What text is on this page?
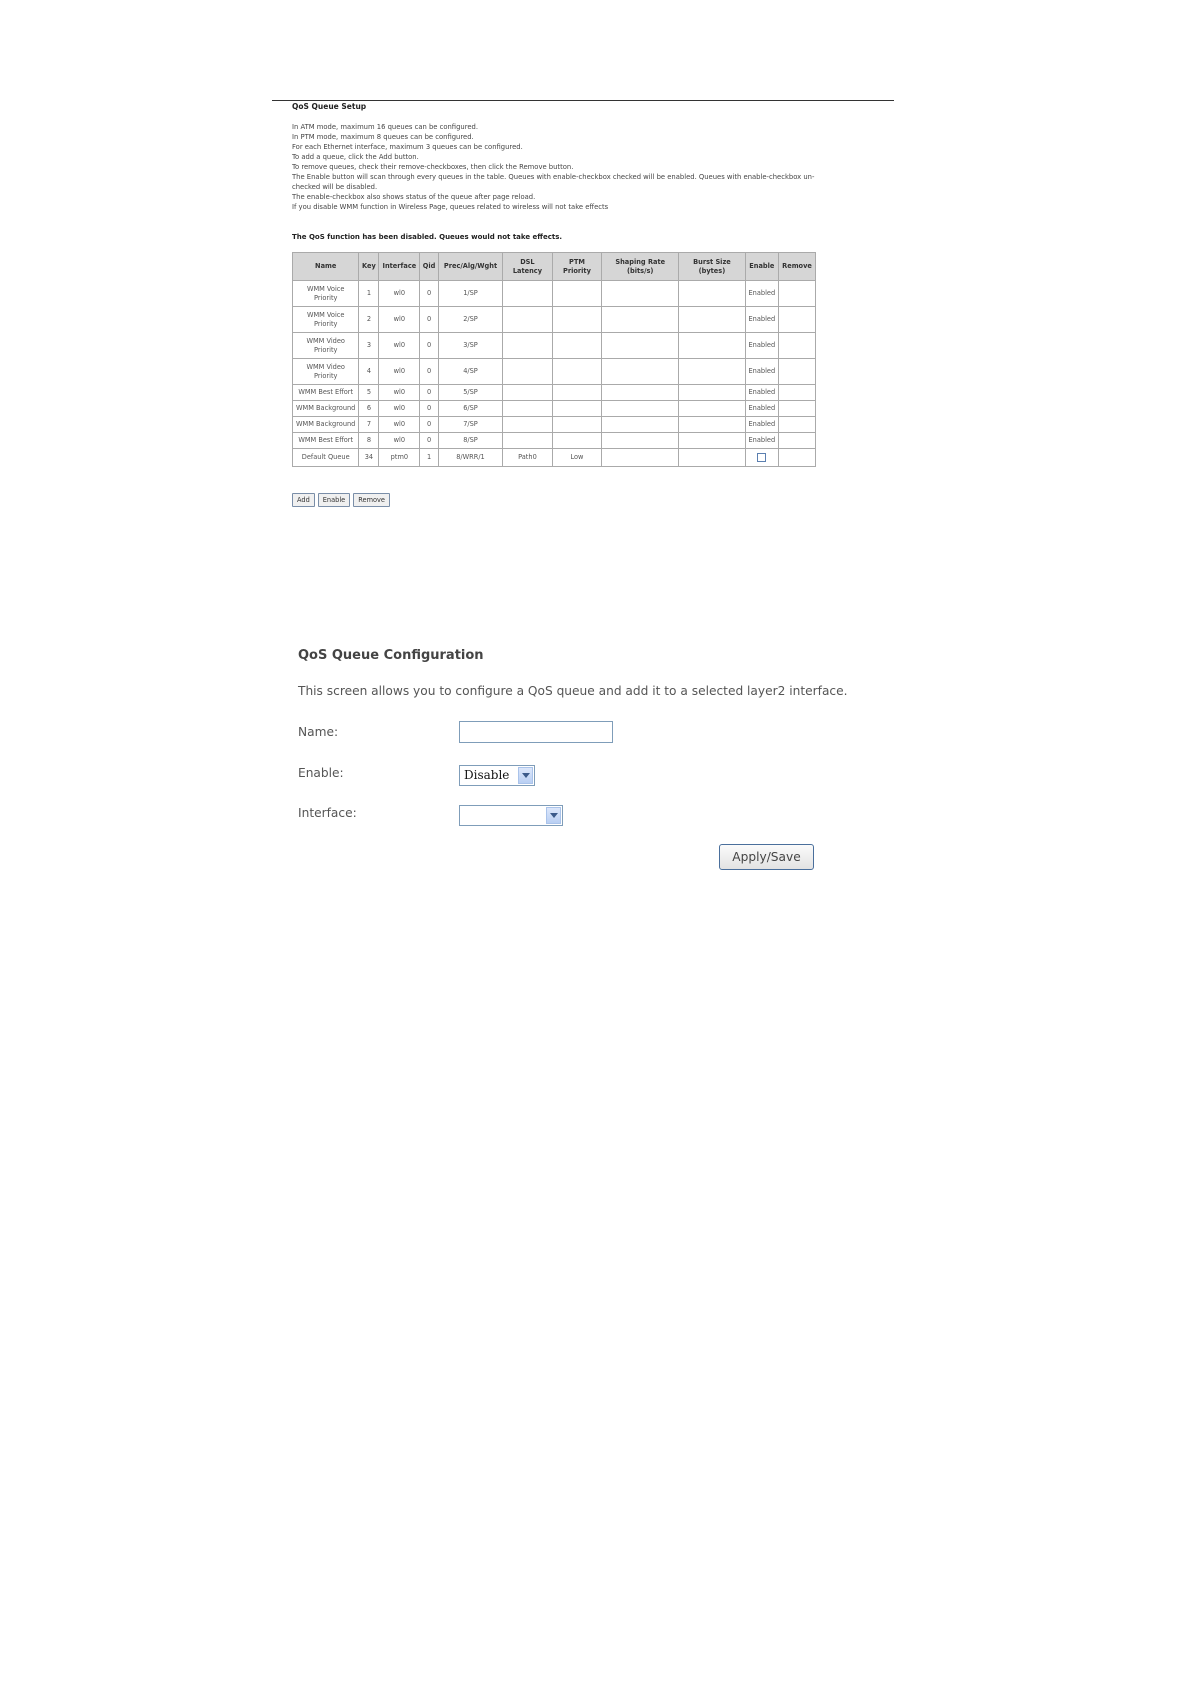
QoS Queue Setup

In ATM mode, maximum 16 queues can be configured.

In PTM mode, maximum 8 queues can be configured.

For each Ethernet interface, maximum 3 queues can be configured.

To add a queue, click the Add button.

To remove queues, check their remove-checkboxes, then click the Remove button.

The Enable button will scan through every queues in the table. Queues with enable-checkbox checked will be enabled. Queues with enable-checkbox un-checked will be disabled.

The enable-checkbox also shows status of the queue after page reload.

If you disable WMM function in Wireless Page, queues related to wireless will not take effects

The QoS function has been disabled. Queues would not take effects.
Name	Key	Interface	Qid	Prec/Alg/Wght	DSL Latency	PTM Priority	Shaping Rate (bits/s)	Burst Size (bytes)	Enable	Remove
WMM Voice Priority	1	wl0	0	1/SP					Enabled	
WMM Voice Priority	2	wl0	0	2/SP					Enabled	
WMM Video Priority	3	wl0	0	3/SP					Enabled	
WMM Video Priority	4	wl0	0	4/SP					Enabled	
WMM Best Effort	5	wl0	0	5/SP					Enabled	
WMM Background	6	wl0	0	6/SP					Enabled	
WMM Background	7	wl0	0	7/SP					Enabled	
WMM Best Effort	8	wl0	0	8/SP					Enabled	
Default Queue	34	ptm0	1	8/WRR/1	Path0	Low				
Add	Enable	Remove
QoS Queue Configuration
This screen allows you to configure a QoS queue and add it to a selected layer2 interface.
Name:
Enable:	Disable
Interface:
Apply/Save
